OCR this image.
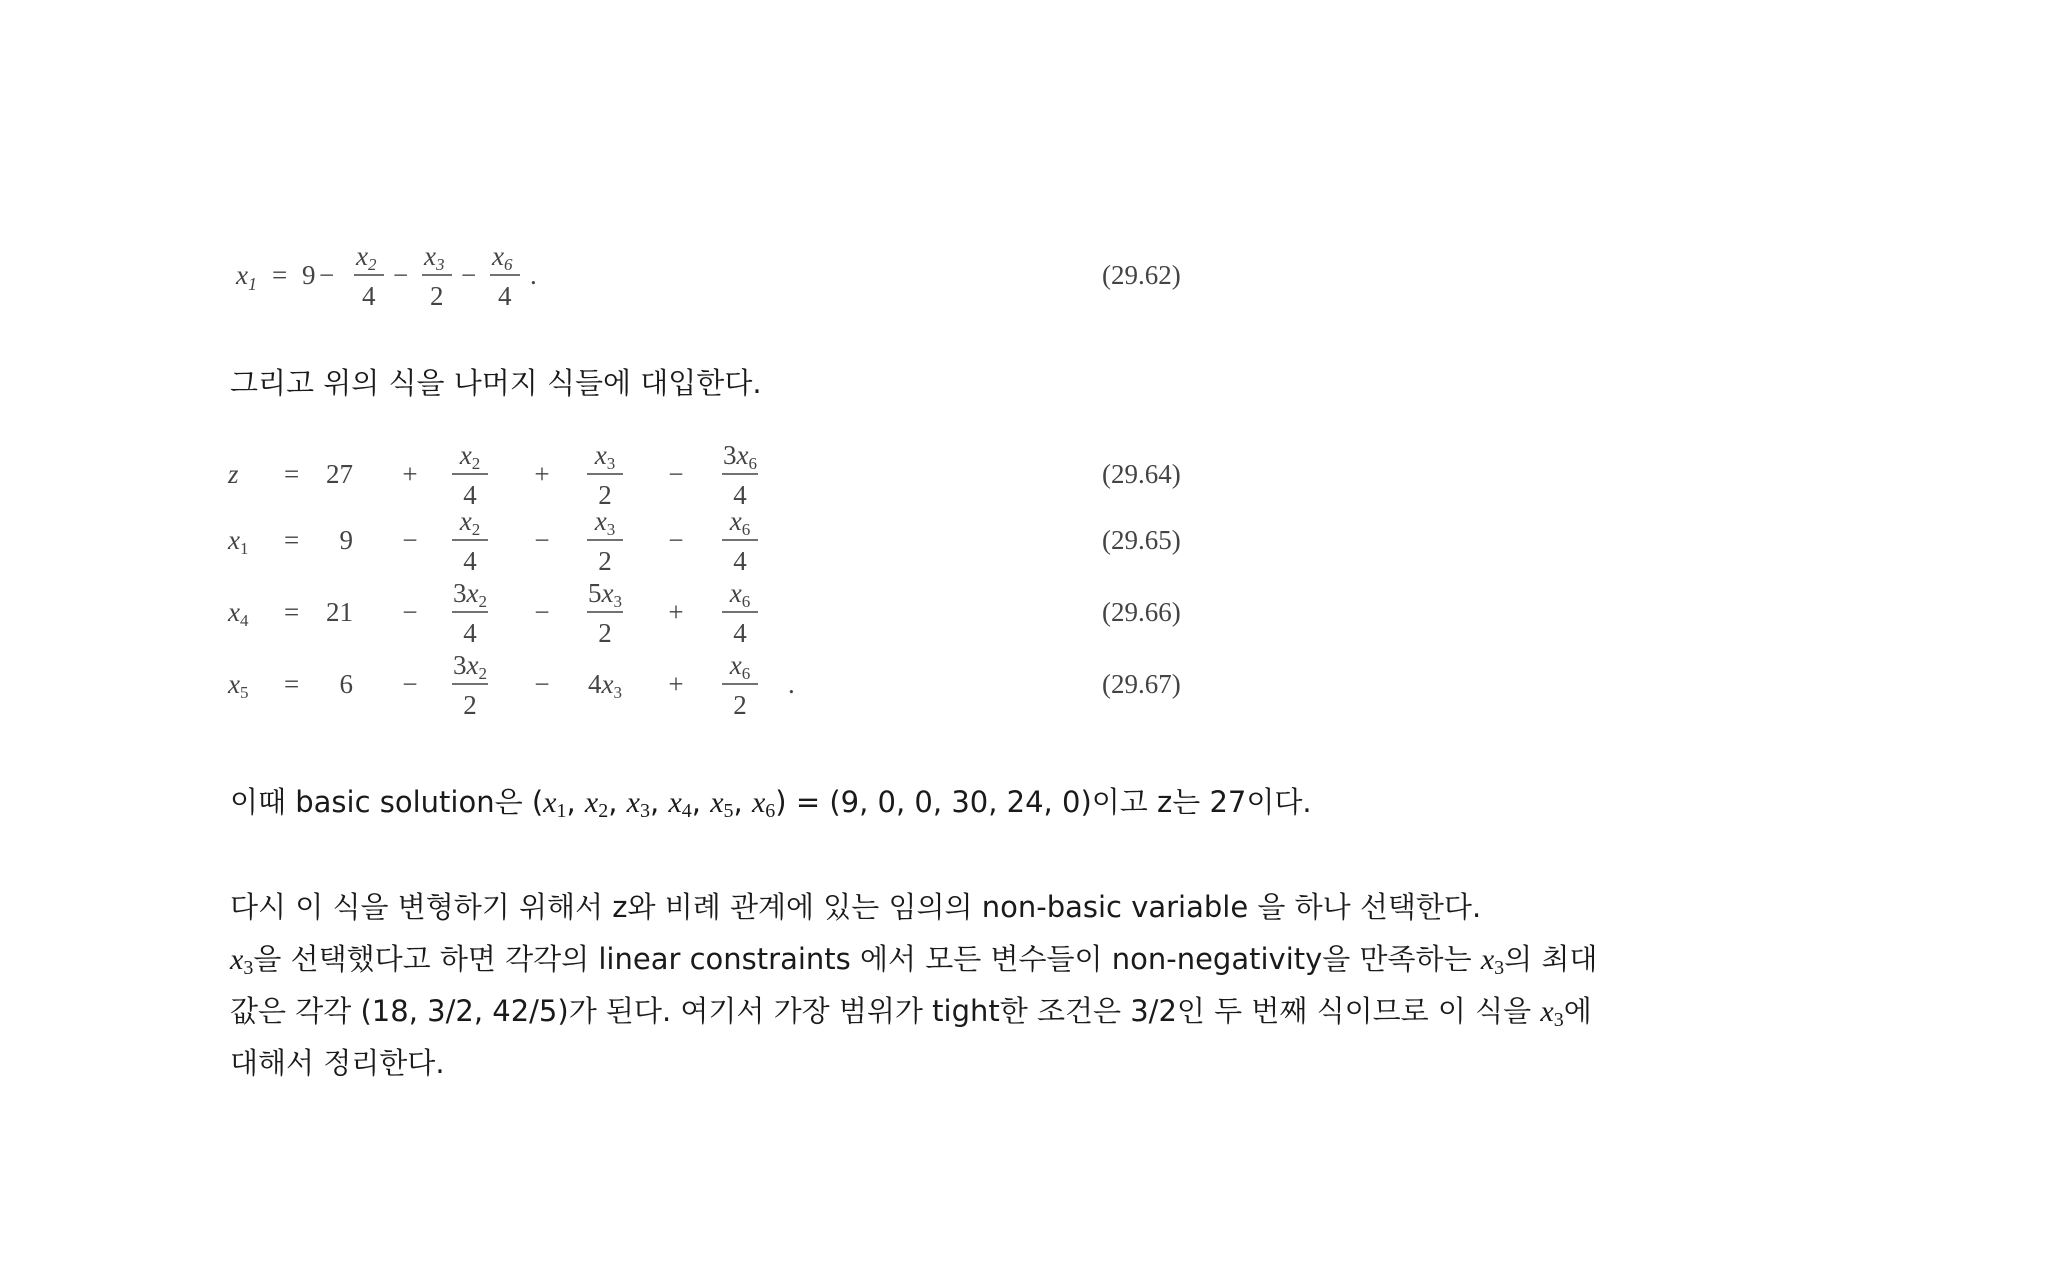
$x_1 = 9$ −
x2
4
−
x3
2
−
x6
4
.	(29.62)
z = 27 +
x2
4
+
x3
2
−
3x6
4
(29.64)
x1 = 9 −
x2
4
−
x3
2
−
x6
4
(29.65)
x4 = 21 −
3x2
4
−
5x3
2
+
x6
4
(29.66)
x5 = 6 −
3x2
2
− 4x3 +
x6
2
.	(29.67)
그리고 위의 식을 나머지 식들에 대입한다.
이때 basic solution은 ($x_1$, $x_2$, $x_3$, $x_4$, $x_5$, $x_6) = (9$, 0, 0, 30, 24, 0)이고 z는 27이다.
다시 이 식을 변형하기 위해서 z와 비례 관계에 있는 임의의 non-basic variable 을 하나 선택한다.
$x_3$을 선택했다고 하면 각각의 linear constraints 에서 모든 변수들이 non-negativity을 만족하는 $x_3$의 최대
값은 각각 (18, 3/2, 42/5)가 된다. 여기서 가장 범위가 tight한 조건은 3/2인 두 번째 식이므로 이 식을 $x_3$에
대해서 정리한다.
